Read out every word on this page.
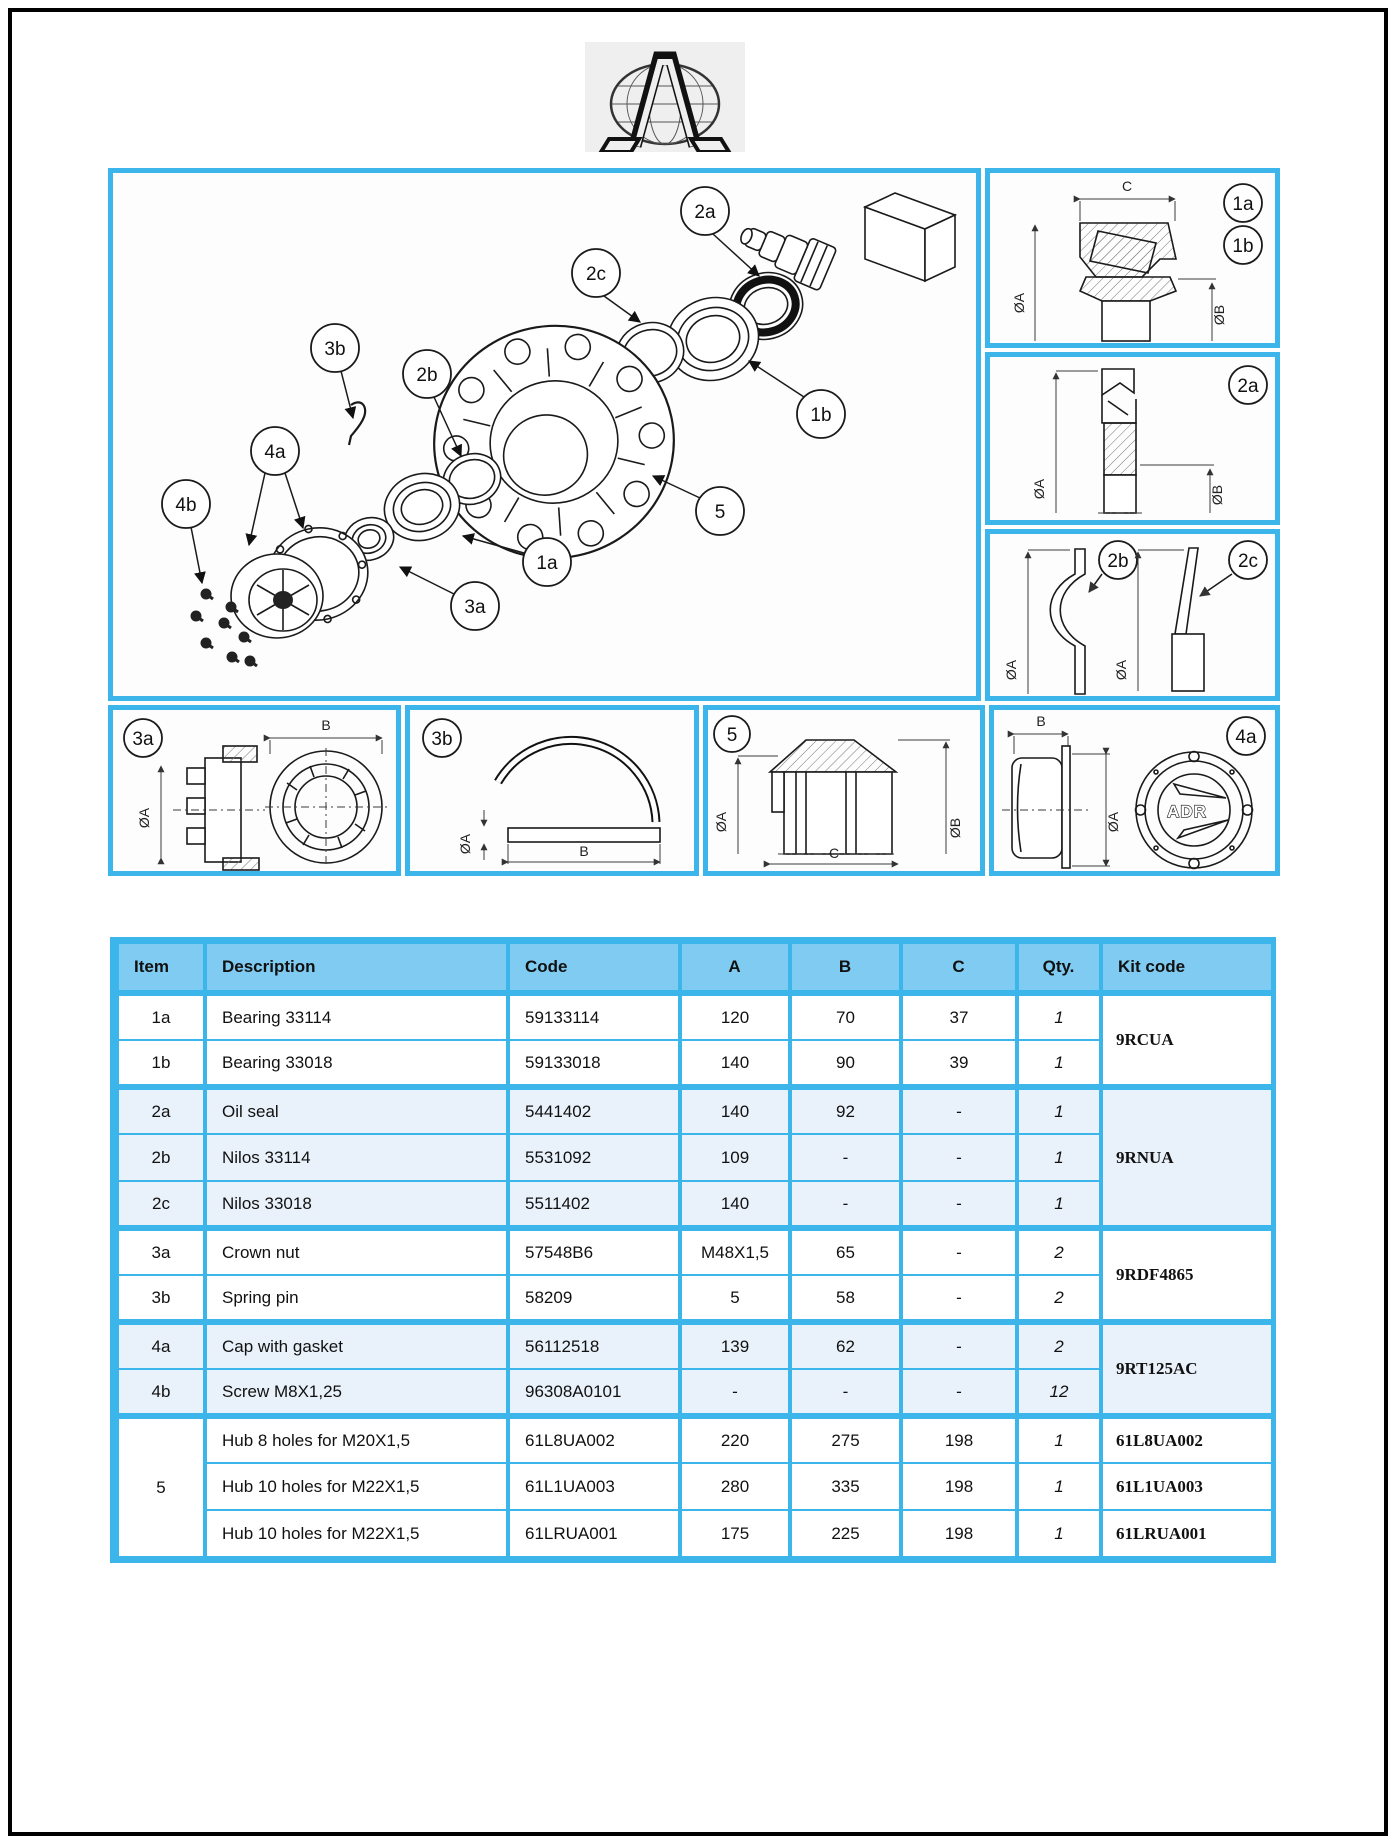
2a
2c
3b
2b
4a
4b
1b
5
1a
3a
C
ØA
ØB
1a
1b
ØA	ØB
2a
ØA
2b
ØA
2c
3a
ØA
B
3b
ØA	B
5
ØA	ØB
C
B
ØA
ADR
4a
Item	Description	Code	A	B	C	Qty.	Kit code
1a	Bearing 33114	59133114	120	70	37	1	9RCUA
1b	Bearing 33018	59133018	140	90	39	1	
2a	Oil seal	5441402	140	92	-	1	9RNUA
2b	Nilos 33114	5531092	109	-	-	1	
2c	Nilos 33018	5511402	140	-	-	1	
3a	Crown nut	57548B6	M48X1,5	65	-	2	9RDF4865
3b	Spring pin	58209	5	58	-	2	
4a	Cap with gasket	56112518	139	62	-	2	9RT125AC
4b	Screw M8X1,25	96308A0101	-	-	-	12	
5	Hub 8 holes for M20X1,5	61L8UA002	220	275	198	1	61L8UA002
	Hub 10 holes for M22X1,5	61L1UA003	280	335	198	1	61L1UA003
	Hub 10 holes for M22X1,5	61LRUA001	175	225	198	1	61LRUA001
